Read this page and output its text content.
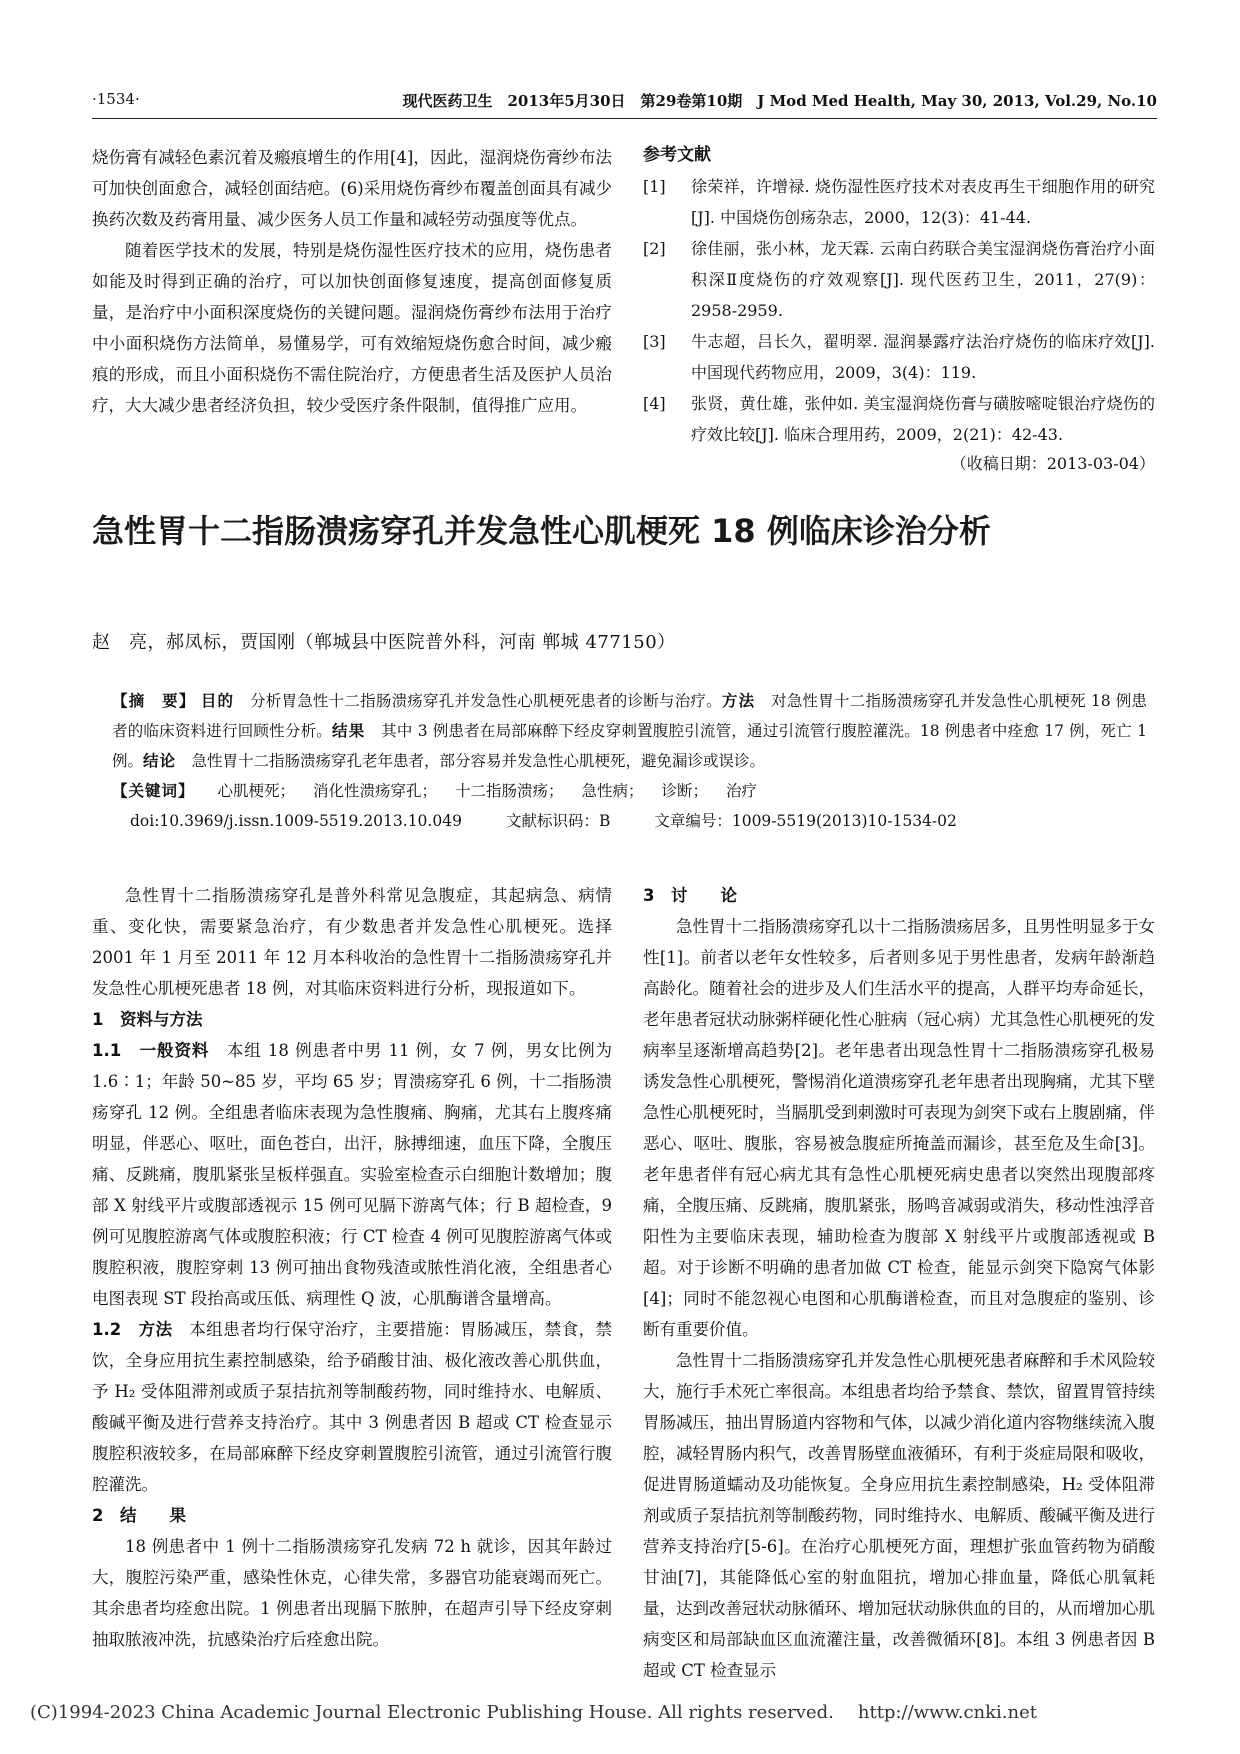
·1534·	现代医药卫生　2013年5月30日　第29卷第10期　J Mod Med Health, May 30, 2013, Vol.29, No.10

烧伤膏有减轻色素沉着及瘢痕增生的作用[4]，因此，湿润烧伤膏纱布法可加快创面愈合，减轻创面结疤。(6)采用烧伤膏纱布覆盖创面具有减少换药次数及药膏用量、减少医务人员工作量和减轻劳动强度等优点。

随着医学技术的发展，特别是烧伤湿性医疗技术的应用，烧伤患者如能及时得到正确的治疗，可以加快创面修复速度，提高创面修复质量，是治疗中小面积深度烧伤的关键问题。湿润烧伤膏纱布法用于治疗中小面积烧伤方法简单，易懂易学，可有效缩短烧伤愈合时间，减少瘢痕的形成，而且小面积烧伤不需住院治疗，方便患者生活及医护人员治疗，大大减少患者经济负担，较少受医疗条件限制，值得推广应用。

参考文献

[1]	徐荣祥，许增禄. 烧伤湿性医疗技术对表皮再生干细胞作用的研究[J]. 中国烧伤创疡杂志，2000，12(3)：41-44.
[2]	徐佳丽，张小林，龙天霖. 云南白药联合美宝湿润烧伤膏治疗小面积深Ⅱ度烧伤的疗效观察[J]. 现代医药卫生，2011，27(9)：2958-2959.
[3]	牛志超，吕长久，翟明翠. 湿润暴露疗法治疗烧伤的临床疗效[J]. 中国现代药物应用，2009，3(4)：119.
[4]	张贤，黄仕雄，张仲如. 美宝湿润烧伤膏与磺胺嘧啶银治疗烧伤的疗效比较[J]. 临床合理用药，2009，2(21)：42-43.
（收稿日期：2013-03-04）
急性胃十二指肠溃疡穿孔并发急性心肌梗死 18 例临床诊治分析
赵　亮，郝凤标，贾国刚（郸城县中医院普外科，河南 郸城 477150）

【摘　要】 目的　 分析胃急性十二指肠溃疡穿孔并发急性心肌梗死患者的诊断与治疗。方法　 对急性胃十二指肠溃疡穿孔并发急性心肌梗死 18 例患者的临床资料进行回顾性分析。结果　 其中 3 例患者在局部麻醉下经皮穿刺置腹腔引流管，通过引流管行腹腔灌洗。18 例患者中痊愈 17 例，死亡 1 例。结论　 急性胃十二指肠溃疡穿孔老年患者，部分容易并发急性心肌梗死，避免漏诊或误诊。

【关键词】 心肌梗死； 消化性溃疡穿孔； 十二指肠溃疡； 急性病； 诊断； 治疗

doi:10.3969/j.issn.1009-5519.2013.10.049	文献标识码：B	文章编号：1009-5519(2013)10-1534-02

急性胃十二指肠溃疡穿孔是普外科常见急腹症，其起病急、病情重、变化快，需要紧急治疗，有少数患者并发急性心肌梗死。选择 2001 年 1 月至 2011 年 12 月本科收治的急性胃十二指肠溃疡穿孔并发急性心肌梗死患者 18 例，对其临床资料进行分析，现报道如下。

1　资料与方法

1.1　一般资料　 本组 18 例患者中男 11 例，女 7 例，男女比例为 1.6∶1；年龄 50~85 岁，平均 65 岁；胃溃疡穿孔 6 例，十二指肠溃疡穿孔 12 例。全组患者临床表现为急性腹痛、胸痛，尤其右上腹疼痛明显，伴恶心、呕吐，面色苍白，出汗，脉搏细速，血压下降，全腹压痛、反跳痛，腹肌紧张呈板样强直。实验室检查示白细胞计数增加；腹部 X 射线平片或腹部透视示 15 例可见膈下游离气体；行 B 超检查，9 例可见腹腔游离气体或腹腔积液；行 CT 检查 4 例可见腹腔游离气体或腹腔积液，腹腔穿刺 13 例可抽出食物残渣或脓性消化液，全组患者心电图表现 ST 段抬高或压低、病理性 Q 波，心肌酶谱含量增高。

1.2　方法　 本组患者均行保守治疗，主要措施：胃肠减压，禁食，禁饮，全身应用抗生素控制感染，给予硝酸甘油、极化液改善心肌供血，予 H₂ 受体阻滞剂或质子泵拮抗剂等制酸药物，同时维持水、电解质、酸碱平衡及进行营养支持治疗。其中 3 例患者因 B 超或 CT 检查显示腹腔积液较多，在局部麻醉下经皮穿刺置腹腔引流管，通过引流管行腹腔灌洗。

2　结　　果

18 例患者中 1 例十二指肠溃疡穿孔发病 72 h 就诊，因其年龄过大，腹腔污染严重，感染性休克，心律失常，多器官功能衰竭而死亡。其余患者均痊愈出院。1 例患者出现膈下脓肿，在超声引导下经皮穿刺抽取脓液冲洗，抗感染治疗后痊愈出院。

3　讨　　论

急性胃十二指肠溃疡穿孔以十二指肠溃疡居多，且男性明显多于女性[1]。前者以老年女性较多，后者则多见于男性患者，发病年龄渐趋高龄化。随着社会的进步及人们生活水平的提高，人群平均寿命延长，老年患者冠状动脉粥样硬化性心脏病（冠心病）尤其急性心肌梗死的发病率呈逐渐增高趋势[2]。老年患者出现急性胃十二指肠溃疡穿孔极易诱发急性心肌梗死，警惕消化道溃疡穿孔老年患者出现胸痛，尤其下壁急性心肌梗死时，当膈肌受到刺激时可表现为剑突下或右上腹剧痛，伴恶心、呕吐、腹胀，容易被急腹症所掩盖而漏诊，甚至危及生命[3]。老年患者伴有冠心病尤其有急性心肌梗死病史患者以突然出现腹部疼痛，全腹压痛、反跳痛，腹肌紧张，肠鸣音减弱或消失，移动性浊浮音阳性为主要临床表现，辅助检查为腹部 X 射线平片或腹部透视或 B 超。对于诊断不明确的患者加做 CT 检查，能显示剑突下隐窝气体影[4]；同时不能忽视心电图和心肌酶谱检查，而且对急腹症的鉴别、诊断有重要价值。

急性胃十二指肠溃疡穿孔并发急性心肌梗死患者麻醉和手术风险较大，施行手术死亡率很高。本组患者均给予禁食、禁饮，留置胃管持续胃肠减压，抽出胃肠道内容物和气体，以减少消化道内容物继续流入腹腔，减轻胃肠内积气，改善胃肠壁血液循环，有利于炎症局限和吸收，促进胃肠道蠕动及功能恢复。全身应用抗生素控制感染，H₂ 受体阻滞剂或质子泵拮抗剂等制酸药物，同时维持水、电解质、酸碱平衡及进行营养支持治疗[5-6]。在治疗心肌梗死方面，理想扩张血管药物为硝酸甘油[7]，其能降低心室的射血阻抗，增加心排血量，降低心肌氧耗量，达到改善冠状动脉循环、增加冠状动脉供血的目的，从而增加心肌病变区和局部缺血区血流灌注量，改善微循环[8]。本组 3 例患者因 B 超或 CT 检查显示

(C)1994-2023 China Academic Journal Electronic Publishing House. All rights reserved. http://www.cnki.net
